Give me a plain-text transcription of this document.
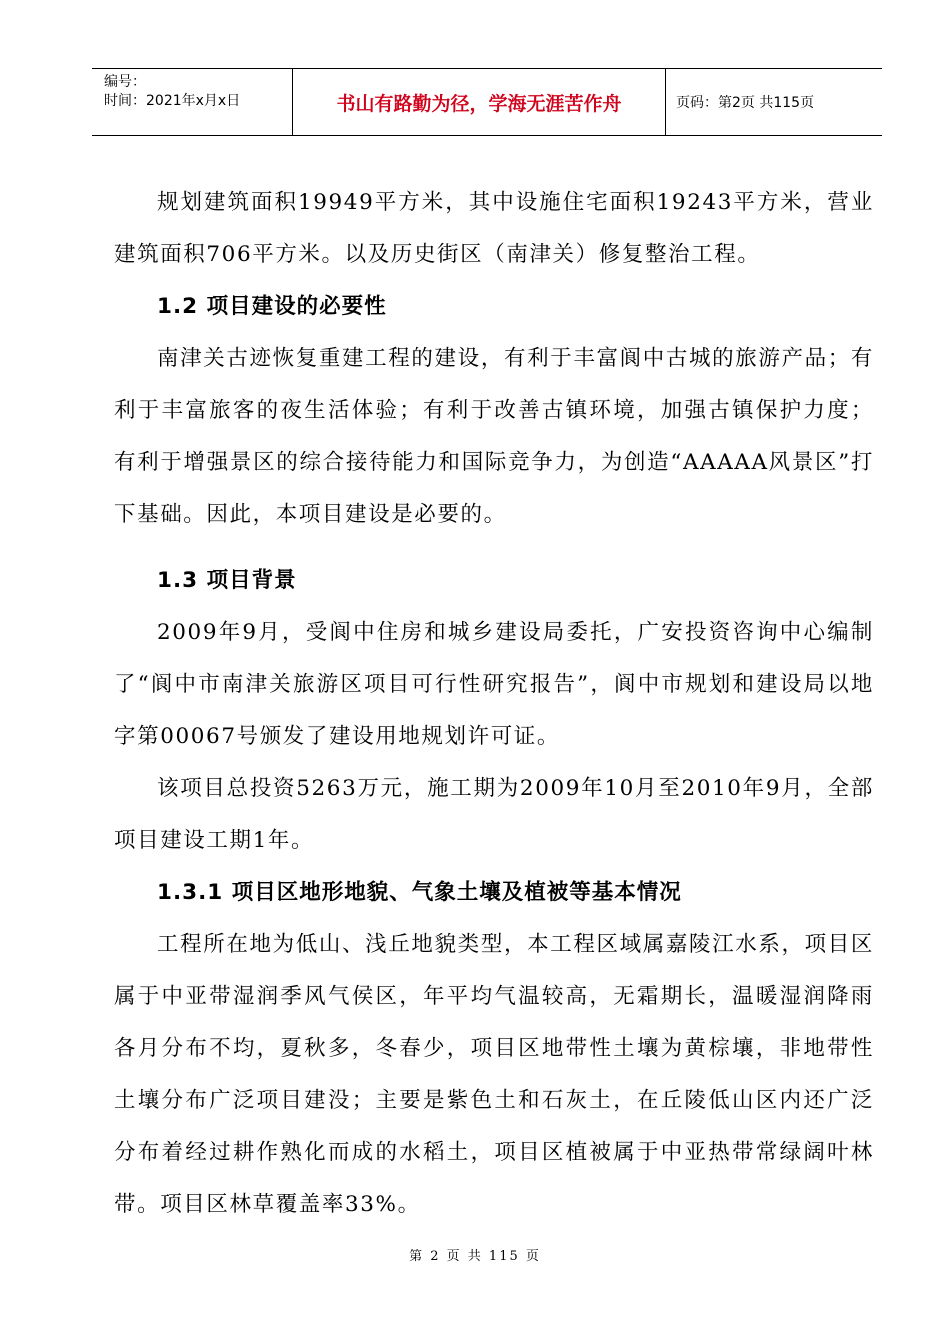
编号：
时间：2021年x月x日	书山有路勤为径，学海无涯苦作舟	页码：第2页 共115页

规划建筑面积19949平方米，其中设施住宅面积19243平方米，营业建筑面积706平方米。以及历史街区（南津关）修复整治工程。

1.2 项目建设的必要性

南津关古迹恢复重建工程的建设，有利于丰富阆中古城的旅游产品；有利于丰富旅客的夜生活体验；有利于改善古镇环境，加强古镇保护力度；有利于增强景区的综合接待能力和国际竞争力，为创造“AAAAA风景区”打下基础。因此，本项目建设是必要的。

1.3 项目背景

2009年9月，受阆中住房和城乡建设局委托，广安投资咨询中心编制了“阆中市南津关旅游区项目可行性研究报告”，阆中市规划和建设局以地字第00067号颁发了建设用地规划许可证。

该项目总投资5263万元，施工期为2009年10月至2010年9月，全部项目建设工期1年。

1.3.1 项目区地形地貌、气象土壤及植被等基本情况

工程所在地为低山、浅丘地貌类型，本工程区域属嘉陵江水系，项目区属于中亚带湿润季风气侯区，年平均气温较高，无霜期长，温暖湿润降雨各月分布不均，夏秋多，冬春少，项目区地带性土壤为黄棕壤，非地带性土壤分布广泛项目建没；主要是紫色土和石灰土，在丘陵低山区内还广泛分布着经过耕作熟化而成的水稻土，项目区植被属于中亚热带常绿阔叶林带。项目区林草覆盖率33%。

第 2 页 共 115 页
